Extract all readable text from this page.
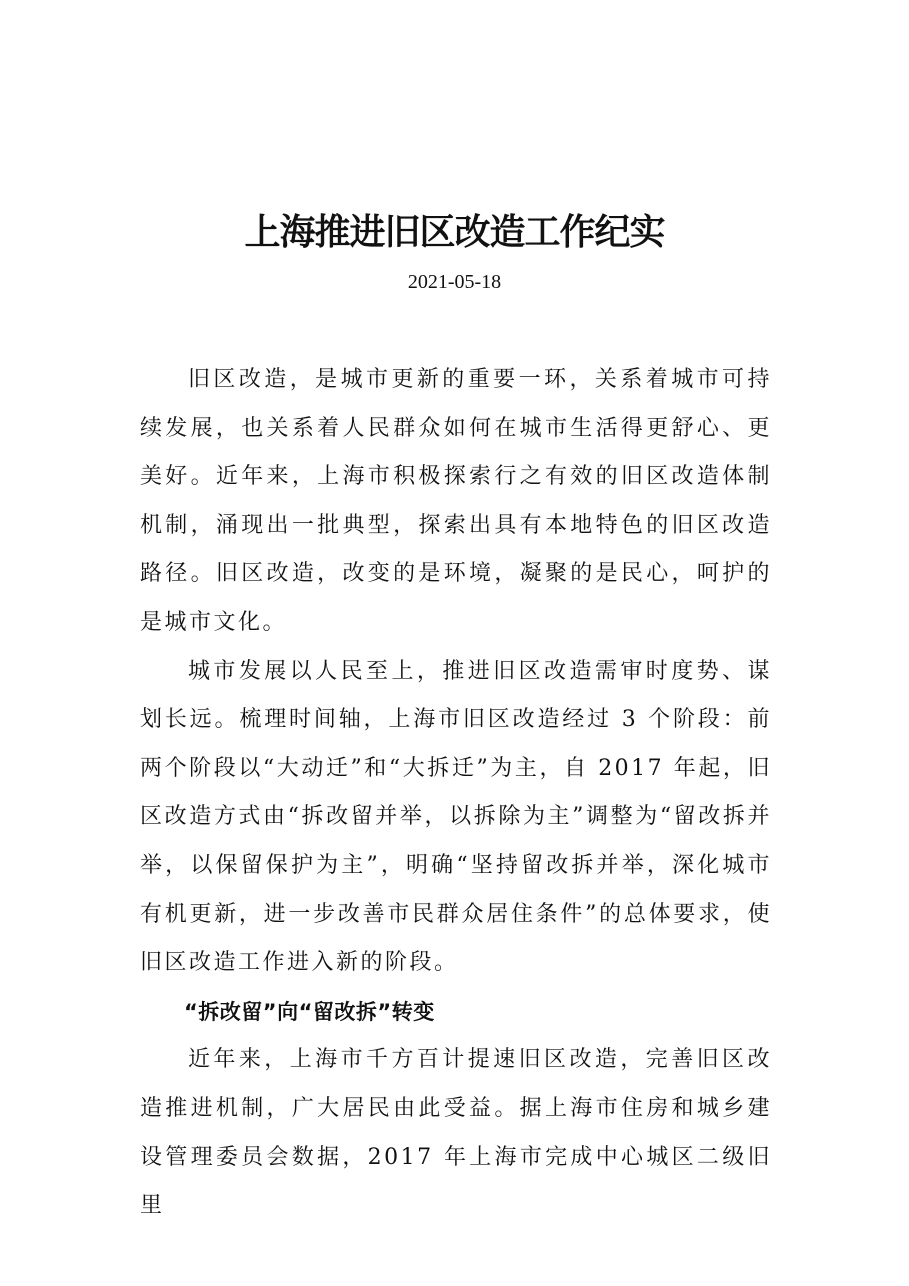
上海推进旧区改造工作纪实
2021-05-18

旧区改造，是城市更新的重要一环，关系着城市可持续发展，也关系着人民群众如何在城市生活得更舒心、更美好。近年来，上海市积极探索行之有效的旧区改造体制机制，涌现出一批典型，探索出具有本地特色的旧区改造路径。旧区改造，改变的是环境，凝聚的是民心，呵护的是城市文化。

城市发展以人民至上，推进旧区改造需审时度势、谋划长远。梳理时间轴，上海市旧区改造经过 3 个阶段：前两个阶段以“大动迁”和“大拆迁”为主，自 2017 年起，旧区改造方式由“拆改留并举，以拆除为主”调整为“留改拆并举，以保留保护为主”，明确“坚持留改拆并举，深化城市有机更新，进一步改善市民群众居住条件”的总体要求，使旧区改造工作进入新的阶段。

“拆改留”向“留改拆”转变

近年来，上海市千方百计提速旧区改造，完善旧区改造推进机制，广大居民由此受益。据上海市住房和城乡建设管理委员会数据，2017 年上海市完成中心城区二级旧里
